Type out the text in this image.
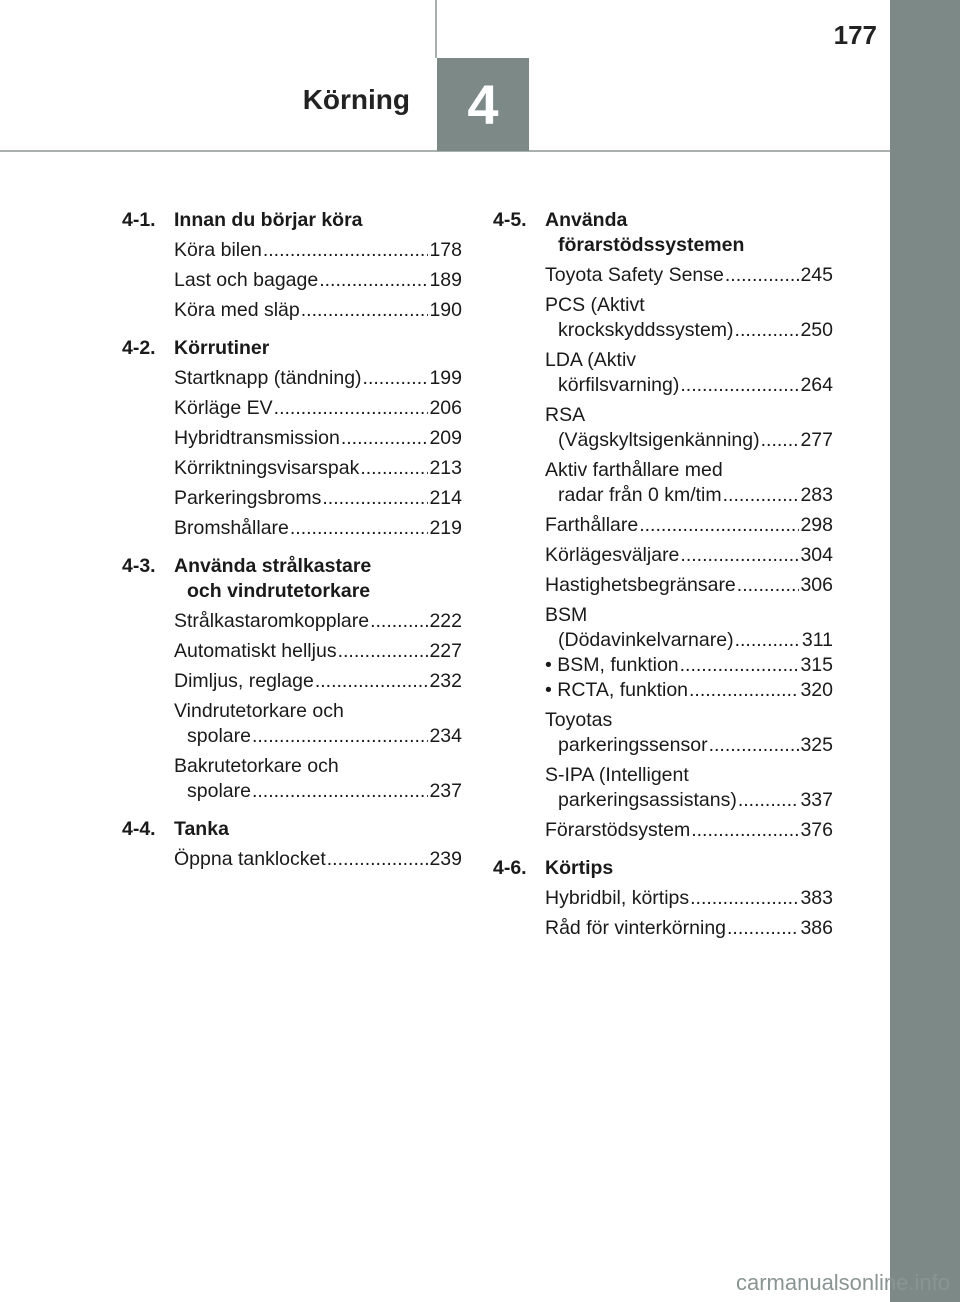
177
Körning 4
4-1. Innan du börjar köra
Köra bilen .....	178
Last och bagage .....	189
Köra med släp .....	190
4-2. Körrutiner
Startknapp (tändning) .....	199
Körläge EV .....	206
Hybridtransmission .....	209
Körriktningsvisarspak .....	213
Parkeringsbroms .....	214
Bromshållare .....	219
4-3. Använda strålkastare
och vindrutetorkare
Strålkastaromkopplare .....	222
Automatiskt helljus .....	227
Dimljus, reglage .....	232
Vindrutetorkare och
spolare .....	234
Bakrutetorkare och
spolare .....	237
4-4. Tanka
Öppna tanklocket .....	239
4-5. Använda
förarstödssystemen
Toyota Safety Sense .....	245
PCS (Aktivt
krockskyddssystem) .....	250
LDA (Aktiv
körfilsvarning) .....	264
RSA
(Vägskyltsigenkänning) ..... 277
Aktiv farthållare med
radar från 0 km/tim .....	283
Farthållare .....	298
Körlägesväljare .....	304
Hastighetsbegränsare .....	306
BSM
(Dödavinkelvarnare) .....	311
• BSM, funktion .....	315
• RCTA, funktion .....	320
Toyotas
parkeringssensor .....	325
S-IPA (Intelligent
parkeringsassistans) .....	337
Förarstödsystem .....	376
4-6. Körtips
Hybridbil, körtips .....	383
Råd för vinterkörning .....	386
carmanualsonline.info
